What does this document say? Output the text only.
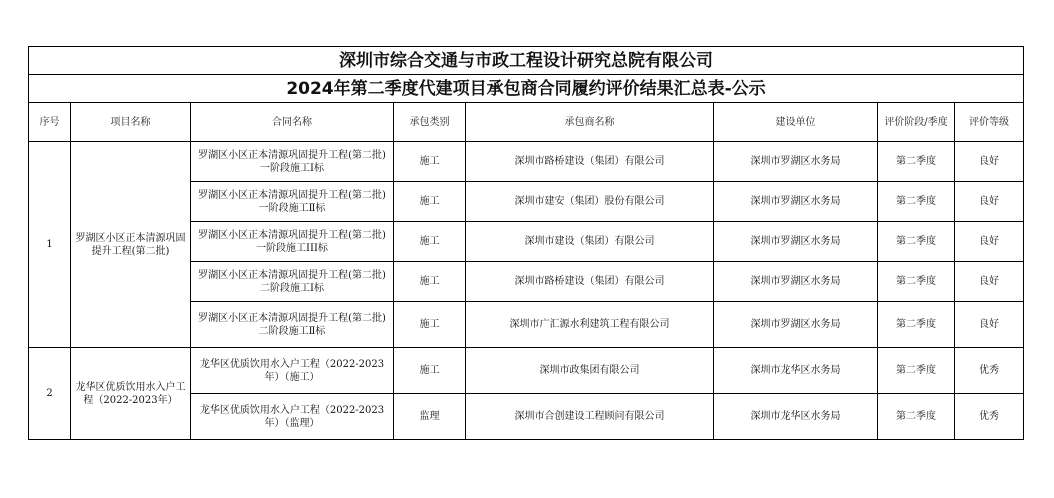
深圳市综合交通与市政工程设计研究总院有限公司							
2024年第二季度代建项目承包商合同履约评价结果汇总表-公示							
序号	项目名称	合同名称	承包类别	承包商名称	建设单位	评价阶段/季度	评价等级
1	罗湖区小区正本清源巩固提升工程(第二批)	罗湖区小区正本清源巩固提升工程(第二批)一阶段施工Ⅰ标	施工	深圳市路桥建设（集团）有限公司	深圳市罗湖区水务局	第二季度	良好
		罗湖区小区正本清源巩固提升工程(第二批)一阶段施工Ⅱ标	施工	深圳市建安（集团）股份有限公司	深圳市罗湖区水务局	第二季度	良好
		罗湖区小区正本清源巩固提升工程(第二批)一阶段施工III标	施工	深圳市建设（集团）有限公司	深圳市罗湖区水务局	第二季度	良好
		罗湖区小区正本清源巩固提升工程(第二批)二阶段施工Ⅰ标	施工	深圳市路桥建设（集团）有限公司	深圳市罗湖区水务局	第二季度	良好
		罗湖区小区正本清源巩固提升工程(第二批)二阶段施工Ⅱ标	施工	深圳市广汇源水利建筑工程有限公司	深圳市罗湖区水务局	第二季度	良好
2	龙华区优质饮用水入户工程（2022-2023年）	龙华区优质饮用水入户工程（2022-2023年）（施工）	施工	深圳市政集团有限公司	深圳市龙华区水务局	第二季度	优秀
		龙华区优质饮用水入户工程（2022-2023年）（监理）	监理	深圳市合创建设工程顾问有限公司	深圳市龙华区水务局	第二季度	优秀
